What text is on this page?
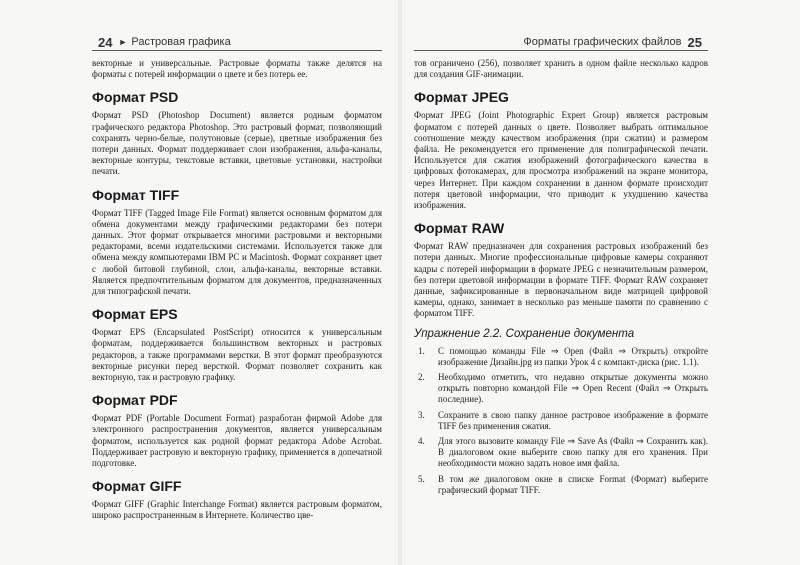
24 ► Растровая графика

векторные и универсальные. Растровые форматы также делятся на форматы с потерей информации о цвете и без потерь ее.

Формат PSD

Формат PSD (Photoshop Document) является родным форматом графического редактора Photoshop. Это растровый формат, позволяющий сохранять черно-белые, полутоновые (серые), цветные изображения без потери данных. Формат поддерживает слои изображения, альфа-каналы, векторные контуры, текстовые вставки, цветовые установки, настройки печати.

Формат TIFF

Формат TIFF (Tagged Image File Format) является основным форматом для обмена документами между графическими редакторами без потери данных. Этот формат открывается многими растровыми и векторными редакторами, всеми издательскими системами. Используется также для обмена между компьютерами IBM PC и Macintosh. Формат сохраняет цвет с любой битовой глубиной, слои, альфа-каналы, векторные вставки. Является предпочтительным форматом для документов, предназначенных для типографской печати.

Формат EPS

Формат EPS (Encapsulated PostScript) относится к универсальным форматам, поддерживается большинством векторных и растровых редакторов, а также программами верстки. В этот формат преобразуются векторные рисунки перед версткой. Формат позволяет сохранить как векторную, так и растровую графику.

Формат PDF

Формат PDF (Portable Document Format) разработан фирмой Adobe для электронного распространения документов, является универсальным форматом, используется как родной формат редактора Adobe Acrobat. Поддерживает растровую и векторную графику, применяется в допечатной подготовке.

Формат GIFF

Формат GIFF (Graphic Interchange Format) является растровым форматом, широко распространенным в Интернете. Количество цве-

Форматы графических файлов 25

тов ограничено (256), позволяет хранить в одном файле несколько кадров для создания GIF-анимации.

Формат JPEG

Формат JPEG (Joint Photographic Expert Group) является растровым форматом с потерей данных о цвете. Позволяет выбрать оптимальное соотношение между качеством изображения (при сжатии) и размером файла. Не рекомендуется его применение для полиграфической печати. Используется для сжатия изображений фотографического качества в цифровых фотокамерах, для просмотра изображений на экране монитора, через Интернет. При каждом сохранении в данном формате происходит потеря цветовой информации, что приводит к ухудшению качества изображения.

Формат RAW

Формат RAW предназначен для сохранения растровых изображений без потери данных. Многие профессиональные цифровые камеры сохраняют кадры с потерей информации в формате JPEG с незначительным размером, без потери цветовой информации в формате TIFF. Формат RAW сохраняет данные, зафиксированные в первоначальном виде матрицей цифровой камеры, однако, занимает в несколько раз меньше памяти по сравнению с форматом TIFF.

Упражнение 2.2. Сохранение документа
1.	С помощью команды File ⇒ Open (Файл ⇒ Открыть) откройте изображение Дизайн.jpg из папки Урок 4 с компакт-диска (рис. 1.1).
2.	Необходимо отметить, что недавно открытые документы можно открыть повторно командой File ⇒ Open Recent (Файл ⇒ Открыть последние).
3.	Сохраните в свою папку данное растровое изображение в формате TIFF без применения сжатия.
4.	Для этого вызовите команду File ⇒ Save As (Файл ⇒ Сохранить как). В диалоговом окне выберите свою папку для его хранения. При необходимости можно задать новое имя файла.
5.	В том же диалоговом окне в списке Format (Формат) выберите графический формат TIFF.
